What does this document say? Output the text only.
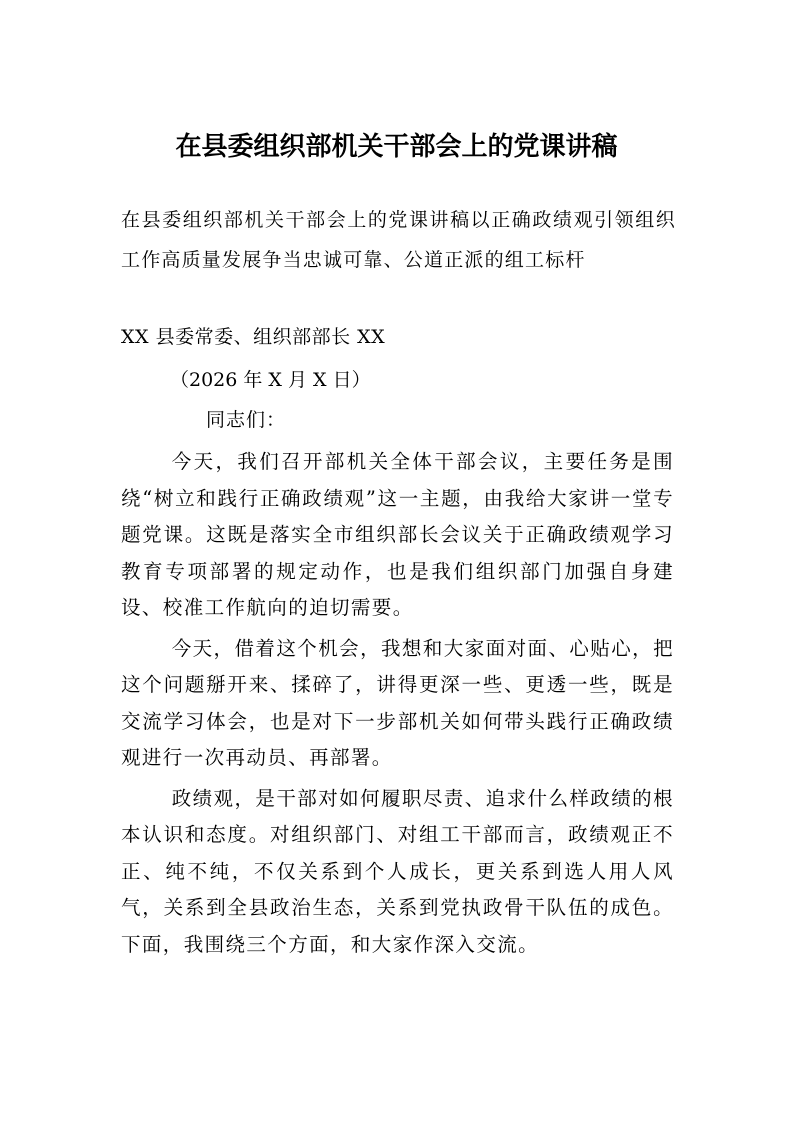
在县委组织部机关干部会上的党课讲稿

在县委组织部机关干部会上的党课讲稿以正确政绩观引领组织工作高质量发展争当忠诚可靠、公道正派的组工标杆

XX 县委常委、组织部部长 XX

（2026 年 X 月 X 日）

同志们：

今天，我们召开部机关全体干部会议，主要任务是围绕“树立和践行正确政绩观”这一主题，由我给大家讲一堂专题党课。这既是落实全市组织部长会议关于正确政绩观学习教育专项部署的规定动作，也是我们组织部门加强自身建设、校准工作航向的迫切需要。

今天，借着这个机会，我想和大家面对面、心贴心，把这个问题掰开来、揉碎了，讲得更深一些、更透一些，既是交流学习体会，也是对下一步部机关如何带头践行正确政绩观进行一次再动员、再部署。

政绩观，是干部对如何履职尽责、追求什么样政绩的根本认识和态度。对组织部门、对组工干部而言，政绩观正不正、纯不纯，不仅关系到个人成长，更关系到选人用人风气，关系到全县政治生态，关系到党执政骨干队伍的成色。下面，我围绕三个方面，和大家作深入交流。
